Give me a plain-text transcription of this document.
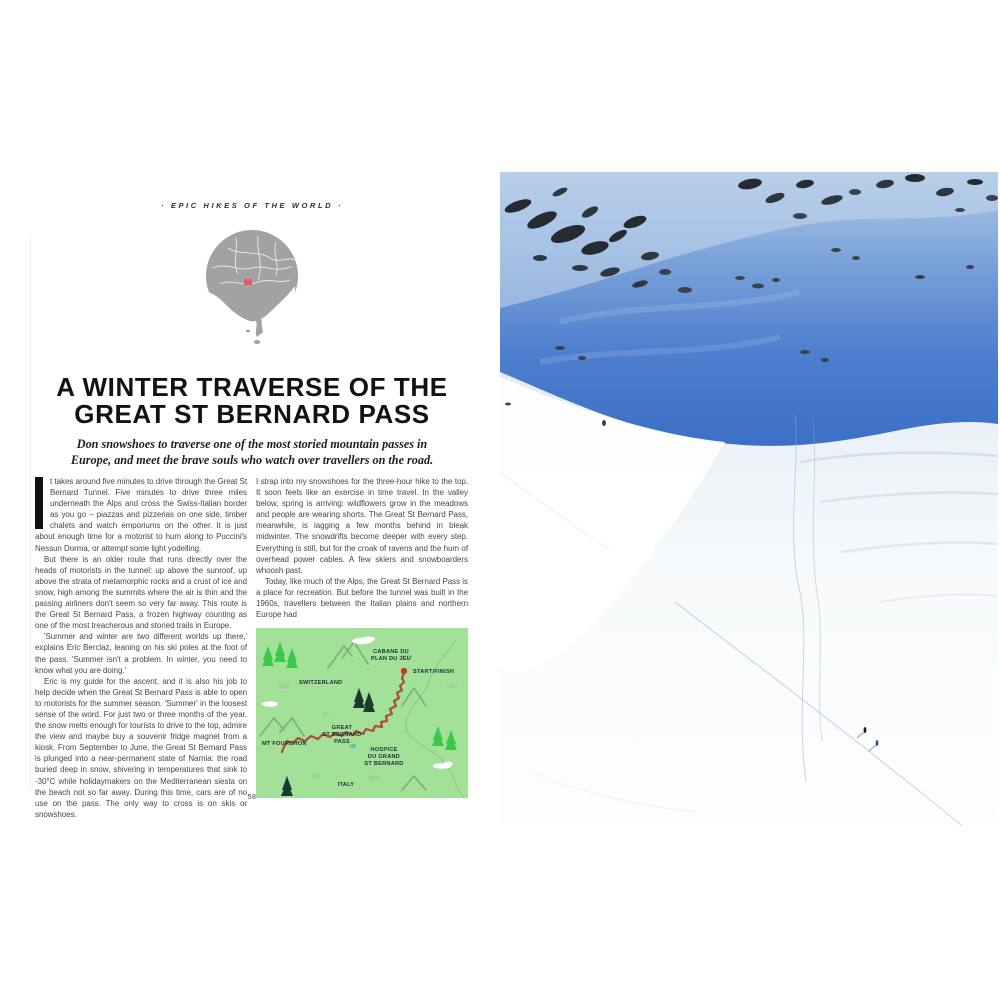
· EPIC HIKES OF THE WORLD ·
A WINTER TRAVERSE OF THE
GREAT ST BERNARD PASS
Don snowshoes to traverse one of the most storied mountain passes in
Europe, and meet the brave souls who watch over travellers on the road.

t takes around five minutes to drive through the Great St Bernard Tunnel. Five minutes to drive three miles underneath the Alps and cross the Swiss-Italian border as you go – piazzas and pizzerias on one side, timber chalets and watch emporiums on the other. It is just about enough time for a motorist to hum along to Puccini's Nessun Dorma, or attempt some light yodelling.

But there is an older route that runs directly over the heads of motorists in the tunnel: up above the sunroof, up above the strata of metamorphic rocks and a crust of ice and snow, high among the summits where the air is thin and the passing airliners don't seem so very far away. This route is the Great St Bernard Pass, a frozen highway counting as one of the most treacherous and storied trails in Europe.

'Summer and winter are two different worlds up there,' explains Eric Berclaz, leaning on his ski poles at the foot of the pass. 'Summer isn't a problem. In winter, you need to know what you are doing.'

Eric is my guide for the ascent, and it is also his job to help decide when the Great St Bernard Pass is able to open to motorists for the summer season. 'Summer' in the loosest sense of the word. For just two or three months of the year, the snow melts enough for tourists to drive to the top, admire the view and maybe buy a souvenir fridge magnet from a kiosk. From September to June, the Great St Bernard Pass is plunged into a near-permanent state of Narnia: the road buried deep in snow, shivering in temperatures that sink to -30°C while holidaymakers on the Mediterranean siesta on the beach not so far away. During this time, cars are of no use on the pass. The only way to cross is on skis or snowshoes.

I strap into my snowshoes for the three-hour hike to the top. It soon feels like an exercise in time travel. In the valley below, spring is arriving: wildflowers grow in the meadows and people are wearing shorts. The Great St Bernard Pass, meanwhile, is lagging a few months behind in bleak midwinter. The snowdrifts become deeper with every step. Everything is still, but for the croak of ravens and the hum of overhead power cables. A few skiers and snowboarders whoosh past.

Today, like much of the Alps, the Great St Bernard Pass is a place for recreation. But before the tunnel was built in the 1960s, travellers between the Italian plains and northern Europe had

SWITZERLAND
CABANE DU
PLAN DU JEU
START/FINISH
GREAT
ST BERNARD
PASS
MT FOURCHON
HOSPICE
DU GRAND
ST BERNARD
ITALY
58
